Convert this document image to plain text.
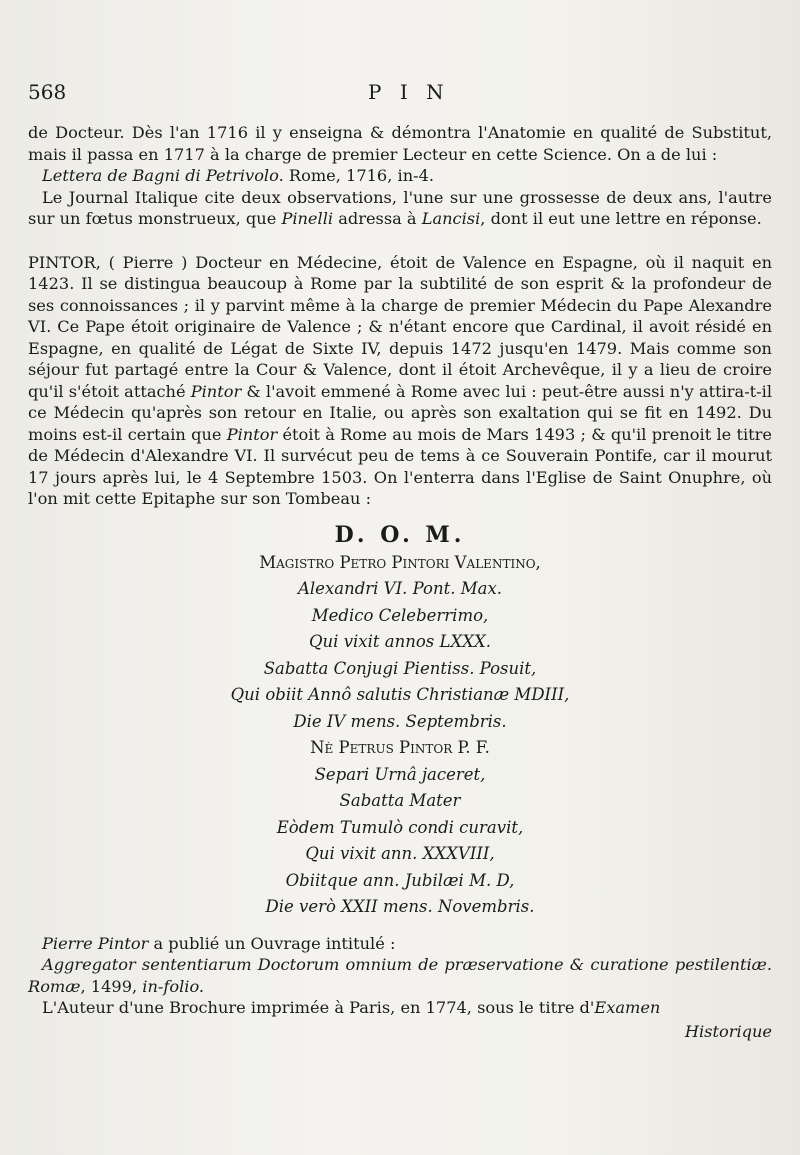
568	P I N

de Docteur. Dès l'an 1716 il y enseigna & démontra l'Anatomie en qualité de Substitut, mais il passa en 1717 à la charge de premier Lecteur en cette Science. On a de lui :

Lettera de Bagni di Petrivolo. Rome, 1716, in-4.

Le Journal Italique cite deux observations, l'une sur une grossesse de deux ans, l'autre sur un fœtus monstrueux, que Pinelli adressa à Lancisi, dont il eut une lettre en réponse.

PINTOR, ( Pierre ) Docteur en Médecine, étoit de Valence en Espagne, où il naquit en 1423. Il se distingua beaucoup à Rome par la subtilité de son esprit & la profondeur de ses connoissances ; il y parvint même à la charge de premier Médecin du Pape Alexandre VI. Ce Pape étoit originaire de Valence ; & n'étant encore que Cardinal, il avoit résidé en Espagne, en qualité de Légat de Sixte IV, depuis 1472 jusqu'en 1479. Mais comme son séjour fut partagé entre la Cour & Valence, dont il étoit Archevêque, il y a lieu de croire qu'il s'étoit attaché Pintor & l'avoit emmené à Rome avec lui : peut-être aussi n'y attira-t-il ce Médecin qu'après son retour en Italie, ou après son exaltation qui se fit en 1492. Du moins est-il certain que Pintor étoit à Rome au mois de Mars 1493 ; & qu'il prenoit le titre de Médecin d'Alexandre VI. Il survécut peu de tems à ce Souverain Pontife, car il mourut 17 jours après lui, le 4 Septembre 1503. On l'enterra dans l'Eglise de Saint Onuphre, où l'on mit cette Epitaphe sur son Tombeau :

D. O. M.
Magistro Petro Pintori Valentino,
Alexandri VI. Pont. Max.
Medico Celeberrimo,
Qui vixit annos LXXX.
Sabatta Conjugi Pientiss. Posuit,
Qui obiit Annô salutis Christianæ MDIII,
Die IV mens. Septembris.
Nè Petrus Pintor P. F.
Separi Urnâ jaceret,
Sabatta Mater
Eòdem Tumulò condi curavit,
Qui vixit ann. XXXVIII,
Obiitque ann. Jubilæi M. D,
Die verò XXII mens. Novembris.

Pierre Pintor a publié un Ouvrage intitulé :

Aggregator sententiarum Doctorum omnium de præservatione & curatione pestilentiæ. Romæ, 1499, in-folio.

L'Auteur d'une Brochure imprimée à Paris, en 1774, sous le titre d'Examen

Historique
